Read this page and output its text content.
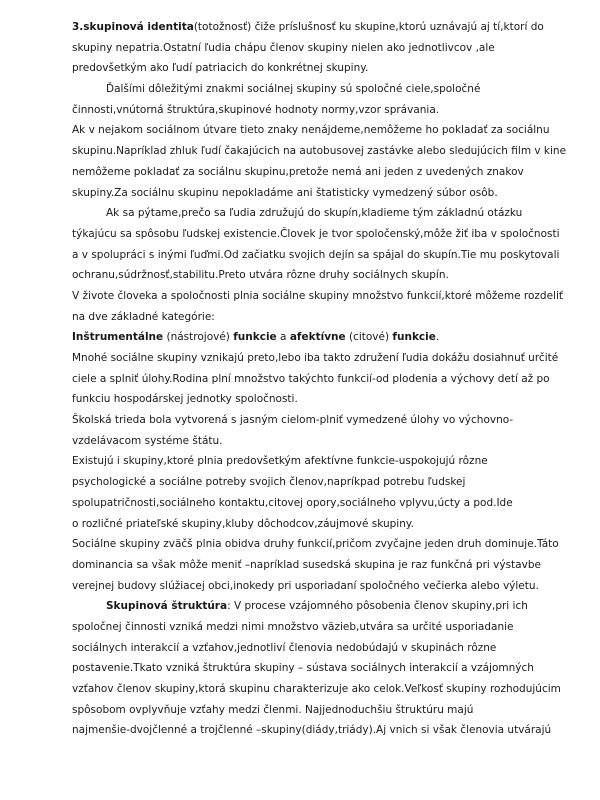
3.skupinová identita(totožnosť) čiže príslušnosť ku skupine,ktorú uznávajú aj tí,ktorí do
skupiny nepatria.Ostatní ľudia chápu členov skupiny nielen ako jednotlivcov ,ale
predovšetkým ako ľudí patriacich do konkrétnej skupiny.
Ďalšími dôležitými znakmi sociálnej skupiny sú spoločné ciele,spoločné
činnosti,vnútorná štruktúra,skupinové hodnoty normy,vzor správania.
Ak v nejakom sociálnom útvare tieto znaky nenájdeme,nemôžeme ho pokladať za sociálnu
skupinu.Napríklad zhluk ľudí čakajúcich na autobusovej zastávke alebo sledujúcich film v kine
nemôžeme pokladať za sociálnu skupinu,pretože nemá ani jeden z uvedených znakov
skupiny.Za sociálnu skupinu nepokladáme ani štatisticky vymedzený súbor osôb.
Ak sa pýtame,prečo sa ľudia združujú do skupín,kladieme tým základnú otázku
týkajúcu sa spôsobu ľudskej existencie.Človek je tvor spoločenský,môže žiť iba v spoločnosti
a v spolupráci s inými ľuďmi.Od začiatku svojich dejín sa spájal do skupín.Tie mu poskytovali
ochranu,súdržnosť,stabilitu.Preto utvára rôzne druhy sociálnych skupín.
V živote človeka a spoločnosti plnia sociálne skupiny množstvo funkcií,ktoré môžeme rozdeliť
na dve základné kategórie:
Inštrumentálne (nástrojové) funkcie a afektívne (citové) funkcie.
Mnohé sociálne skupiny vznikajú preto,lebo iba takto združení ľudia dokážu dosiahnuť určité
ciele a splniť úlohy.Rodina plní množstvo takýchto funkcií-od plodenia a výchovy detí až po
funkciu hospodárskej jednotky spoločnosti.
Školská trieda bola vytvorená s jasným cielom-plniť vymedzené úlohy vo výchovno-
vzdelávacom systéme štátu.
Existujú i skupiny,ktoré plnia predovšetkým afektívne funkcie-uspokojujú rôzne
psychologické a sociálne potreby svojich členov,napríkpad potrebu ľudskej
spolupatričnosti,sociálneho kontaktu,citovej opory,sociálneho vplyvu,úcty a pod.Ide
o rozličné priateľské skupiny,kluby dôchodcov,záujmové skupiny.
Sociálne skupiny zväčš plnia obidva druhy funkcií,pričom zvyčajne jeden druh dominuje.Táto
dominancia sa však môže meniť –napríklad susedská skupina je raz funkčná pri výstavbe
verejnej budovy slúžiacej obci,inokedy pri usporiadaní spoločného večierka alebo výletu.
Skupinová štruktúra: V procese vzájomného pôsobenia členov skupiny,pri ich
spoločnej činnosti vzniká medzi nimi množstvo väzieb,utvára sa určité usporiadanie
sociálnych interakcií a vzťahov,jednotliví členovia nedobúdajú v skupinách rôzne
postavenie.Tkato vzniká štruktúra skupiny – sústava sociálnych interakcií a vzájomných
vzťahov členov skupiny,ktorá skupinu charakterizuje ako celok.Veľkosť skupiny rozhodujúcim
spôsobom ovplyvňuje vzťahy medzi členmi. Najjednoduchšiu štruktúru majú
najmenšie-dvojčlenné a trojčlenné –skupiny(diády,triády).Aj vnich si však členovia utvárajú
